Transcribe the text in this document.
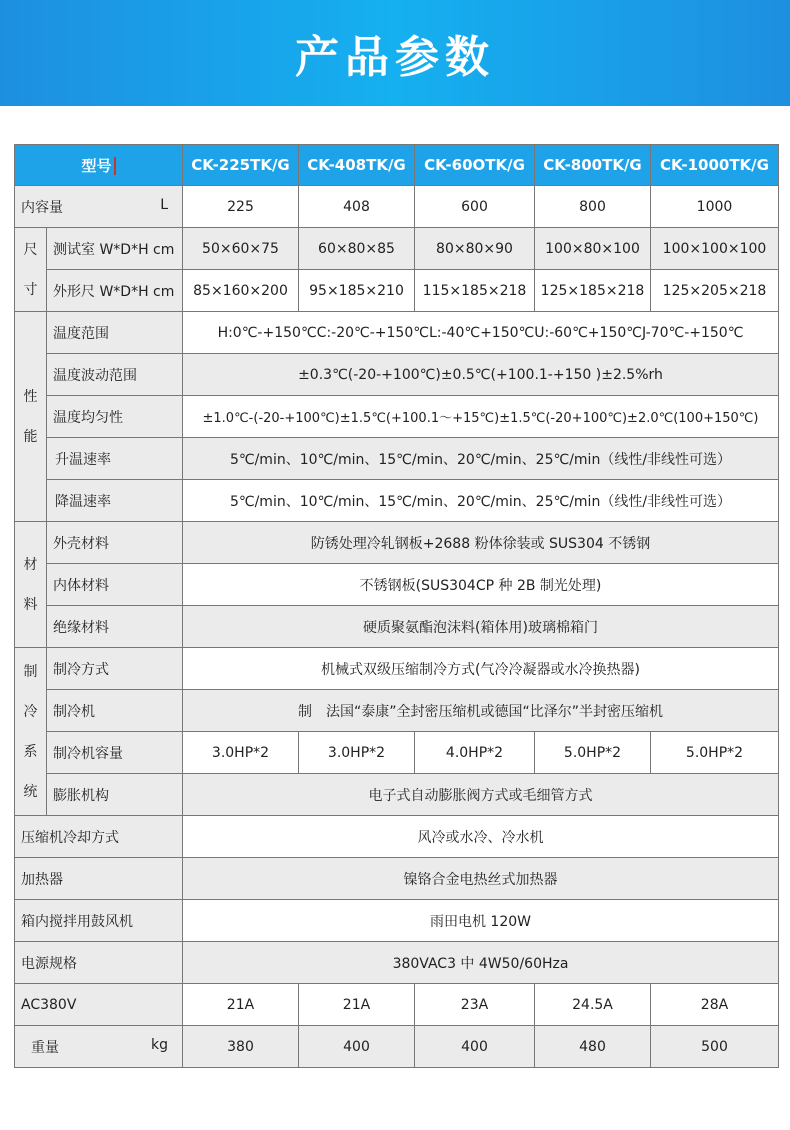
产品参数
型号		CK-225TK/G	CK-408TK/G	CK-60OTK/G	CK-800TK/G	CK-1000TK/G

内容量 L		225	408	600	800	1000

尺
寸	测试室 W*D*H cm	50×60×75	60×80×85	80×80×90	100×80×100	100×100×100
	外形尺 W*D*H cm	85×160×200	95×185×210	115×185×218	125×185×218	125×205×218

性
能	温度范围	H:0℃-+150℃C:-20℃-+150℃L:-40℃+150℃U:-60℃+150℃J-70℃-+150℃				
	温度波动范围	±0.3℃(-20-+100℃)±0.5℃(+100.1-+150 )±2.5%rh				
	温度均匀性	±1.0℃-(-20-+100℃)±1.5℃(+100.1～+15℃)±1.5℃(-20+100℃)±2.0℃(100+150℃)				
	升温速率	5℃/min、10℃/min、15℃/min、20℃/min、25℃/min（线性/非线性可选）				
	降温速率	5℃/min、10℃/min、15℃/min、20℃/min、25℃/min（线性/非线性可选）				

材
料	外壳材料	防锈处理冷轧钢板+2688 粉体徐装或 SUS304 不锈钢				
	内体材料	不锈钢板(SUS304CP 种 2B 制光处理)				
	绝缘材料	硬质聚氨酯泡沫料(箱体用)玻璃棉箱门				

制
冷
系
统	制冷方式	机械式双级压缩制冷方式(气冷冷凝器或水冷换热器)				
	制冷机	制　法国“泰康”全封密压缩机或德国“比泽尔”半封密压缩机				
	制冷机容量	3.0HP*2	3.0HP*2	4.0HP*2	5.0HP*2	5.0HP*2
	膨胀机构	电子式自动膨胀阀方式或毛细管方式				
压缩机冷却方式		风冷或水冷、冷水机				
加热器		镍铬合金电热丝式加热器				
箱内搅拌用鼓风机		雨田电机 120W				
电源规格		380VAC3 中 4W50/60Hza				
AC380V		21A	21A	23A	24.5A	28A

重量 kg		380	400	400	480	500
